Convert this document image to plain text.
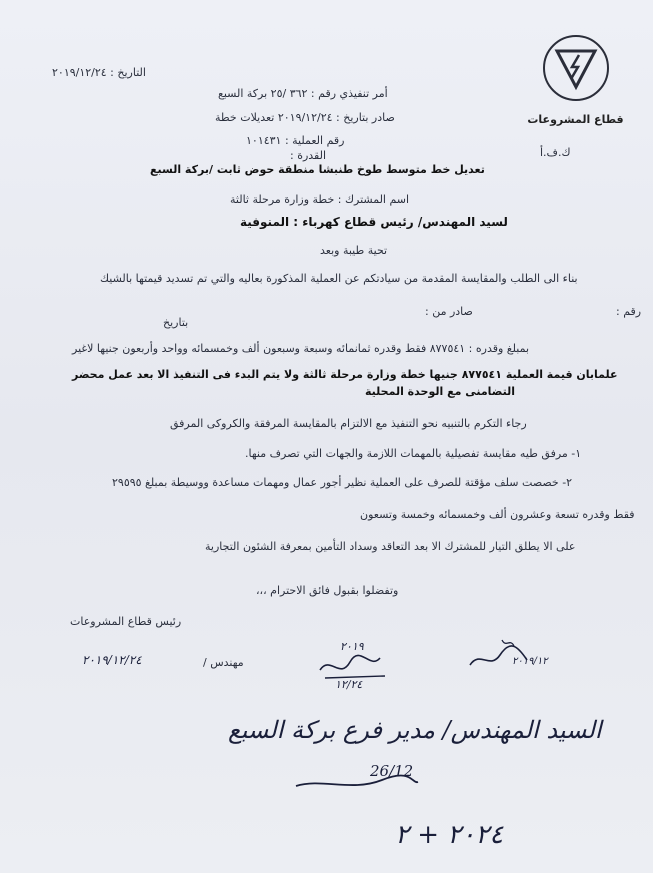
قطاع المشروعات
التاريخ : ٢٠١٩/١٢/٢٤
أمر تنفيذي رقم : ٣٦٢ /٢٥ بركة السبع
صادر بتاريخ : ٢٠١٩/١٢/٢٤ تعديلات خطة
رقم العملية : ١٠١٤٣١
القدرة :	ك.ف.أ
تعديل خط متوسط طوخ طنبشا منطقة حوض ثابت /بركة السبع
اسم المشترك : خطة وزارة مرحلة ثالثة
لسيد المهندس/ رئيس قطاع كهرباء : المنوفية
تحية طيبة وبعد
بناء الى الطلب والمقايسة المقدمة من سيادتكم عن العملية المذكورة بعاليه والتي تم تسديد قيمتها بالشيك
رقم :
صادر من :
بتاريخ
بمبلغ وقدره : ٨٧٧٥٤١ فقط وقدره ثمانمائه وسبعة وسبعون ألف وخمسمائه وواحد وأربعون جنيها لاغير
علمابان قيمة العملية ٨٧٧٥٤١ جنيها خطة وزارة مرحلة ثالثة ولا يتم البدء فى التنفيذ الا بعد عمل محضر
التضامنى مع الوحدة المحلية
رجاء التكرم بالتنبيه نحو التنفيذ مع الالتزام بالمقايسة المرفقة والكروكى المرفق
١- مرفق طيه مقايسة تفصيلية بالمهمات اللازمة والجهات التي تصرف منها.
٢- خصصت سلف مؤقتة للصرف على العملية نظير أجور عمال ومهمات مساعدة ووسيطة بمبلغ ٢٩٥٩٥
فقط وقدره تسعة وعشرون ألف وخمسمائه وخمسة وتسعون
على الا يطلق التيار للمشترك الا بعد التعاقد وسداد التأمين بمعرفة الشئون التجارية
وتفضلوا بقبول فائق الاحترام ،،،
رئيس قطاع المشروعات
مهندس /
٢٠١٩/١٢/٢٤
٢٠١٩
١٢/٢٤
٢٠١٩/١٢
السيد المهندس/ مدير فرع بركة السبع
26/12
٢٠٢٤ + ٢
